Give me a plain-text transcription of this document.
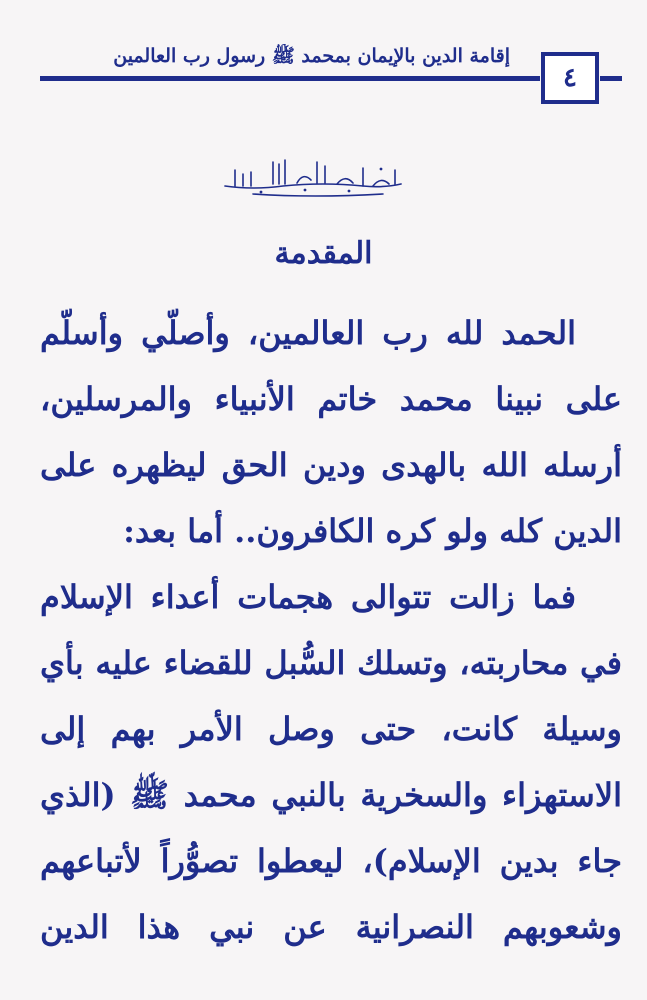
إقامة الدين بالإيمان بمحمد ﷺ رسول رب العالمين
٤
المقدمة
الحمد لله رب العالمين، وأصلّي وأسلّم
على نبينا محمد خاتم الأنبياء والمرسلين،
أرسله الله بالهدى ودين الحق ليظهره على
الدين كله ولو كره الكافرون.. أما بعد:
فما زالت تتوالى هجمات أعداء الإسلام
في محاربته، وتسلك السُّبل للقضاء عليه بأي
وسيلة كانت، حتى وصل الأمر بهم إلى
الاستهزاء والسخرية بالنبي محمد ﷺ (الذي
جاء بدين الإسلام)، ليعطوا تصوُّراً لأتباعهم
وشعوبهم النصرانية عن نبي هذا الدين
